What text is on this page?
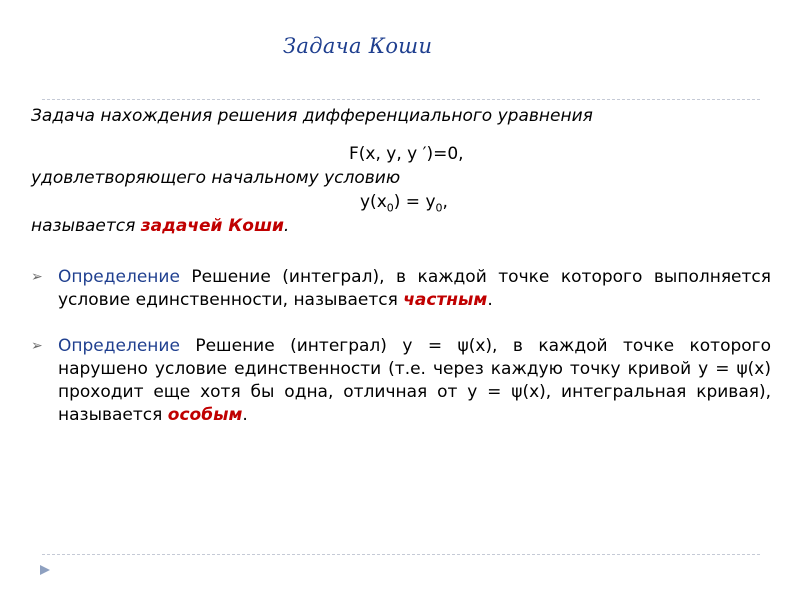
Задача Коши
Задача нахождения решения дифференциального уравнения
F(x, y, y ′)=0,
удовлетворяющего начальному условию
$y(x_0) = y_0$,
называется задачей Коши.
➢ Определение Решение (интеграл), в каждой точке которого выполняется условие единственности, называется частным.
➢ Определение Решение (интеграл) y = ψ(x), в каждой точке которого нарушено условие единственности (т.е. через каждую точку кривой y = ψ(x) проходит еще хотя бы одна, отличная от y = ψ(x), интегральная кривая), называется особым.
